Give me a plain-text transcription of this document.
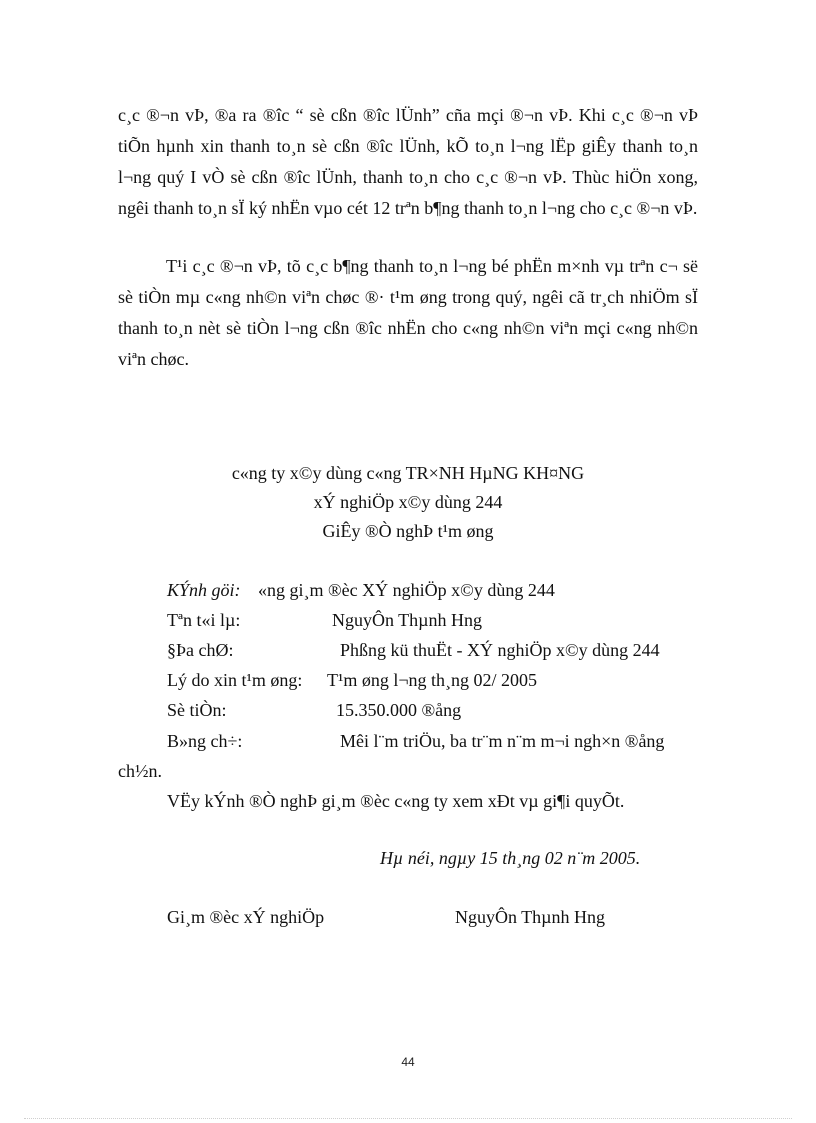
c¸c ®¬n vÞ, ®a ra ®îc “ sè cßn ®îc lÜnh” cña mçi ®¬n vÞ. Khi c¸c ®¬n vÞ tiÕn hµnh xin thanh to¸n sè cßn ®îc lÜnh, kÕ to¸n l¬ng lËp giÊy thanh to¸n l¬ng quý I vÒ sè cßn ®îc lÜnh, thanh to¸n cho c¸c ®¬n vÞ. Thùc hiÖn xong, ngêi thanh to¸n sÏ ký nhËn vµo cét 12 trªn b¶ng thanh to¸n l¬ng cho c¸c ®¬n vÞ.
T¹i c¸c ®¬n vÞ, tõ c¸c b¶ng thanh to¸n l¬ng bé phËn m×nh vµ trªn c¬ së sè tiÒn mµ c«ng nh©n viªn chøc ®· t¹m øng trong quý, ngêi cã tr¸ch nhiÖm sÏ thanh to¸n nèt sè tiÒn l¬ng cßn ®îc nhËn cho c«ng nh©n viªn mçi c«ng nh©n viªn chøc.
c«ng ty x©y dùng c«ng TR×NH HµNG KH¤NG
xÝ nghiÖp x©y dùng 244
GiÊy ®Ò nghÞ t¹m øng
KÝnh göi: «ng gi¸m ®èc XÝ nghiÖp x©y dùng 244
Tªn t«i lµ:	NguyÔn Thµnh Hng
§Þa chØ:	Phßng kü thuËt - XÝ nghiÖp x©y dùng 244
Lý do xin t¹m øng: T¹m øng l¬ng th¸ng 02/ 2005
Sè tiÒn:	15.350.000 ®ång
B»ng ch÷:	Mêi l¨m triÖu, ba tr¨m n¨m m¬i ngh×n ®ång
ch½n.
VËy kÝnh ®Ò nghÞ gi¸m ®èc c«ng ty xem xÐt vµ gi¶i quyÕt.
Hµ néi, ngµy 15 th¸ng 02 n¨m 2005.
Gi¸m ®èc xÝ nghiÖp	NguyÔn Thµnh Hng
44
